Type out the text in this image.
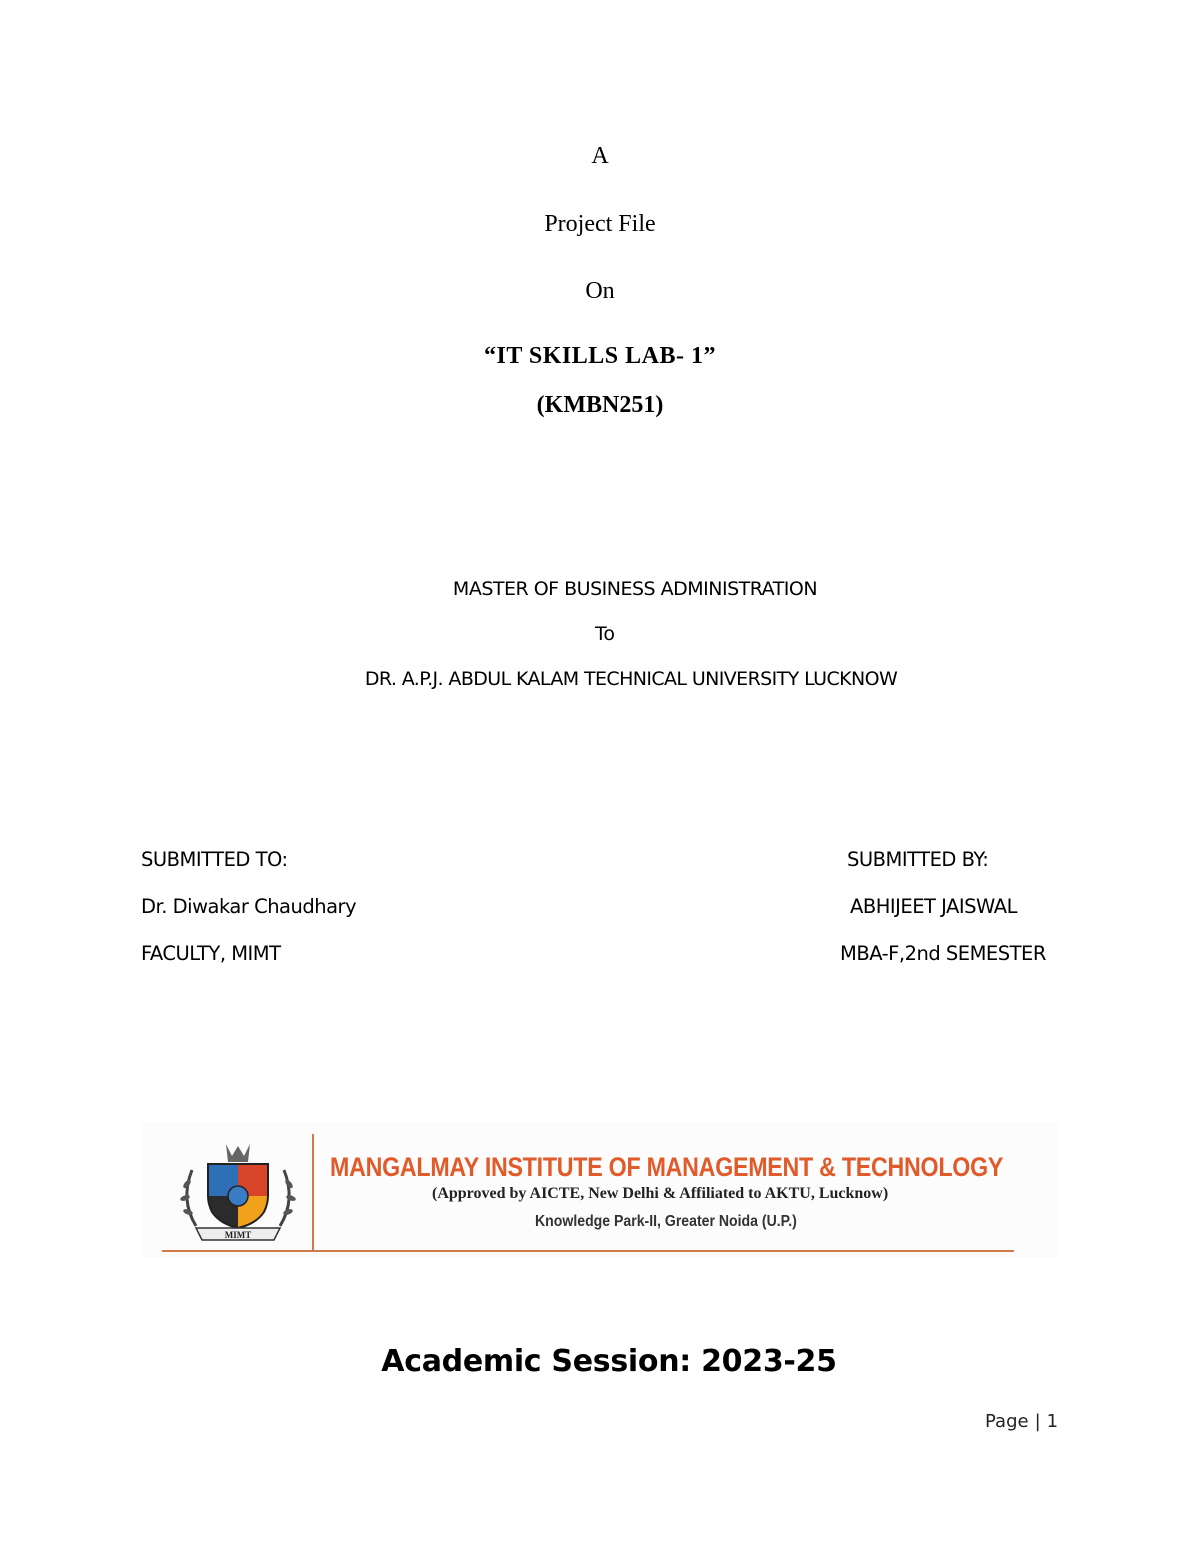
A
Project File
On
“IT SKILLS LAB- 1”
(KMBN251)
MASTER OF BUSINESS ADMINISTRATION
To
DR. A.P.J. ABDUL KALAM TECHNICAL UNIVERSITY LUCKNOW
SUBMITTED TO:
Dr. Diwakar Chaudhary
FACULTY, MIMT
SUBMITTED BY:
ABHIJEET JAISWAL
MBA-F,2nd SEMESTER
MIMT
MANGALMAY INSTITUTE OF MANAGEMENT & TECHNOLOGY
(Approved by AICTE, New Delhi & Affiliated to AKTU, Lucknow)
Knowledge Park-II, Greater Noida (U.P.)
Academic Session: 2023-25
Page | 1
